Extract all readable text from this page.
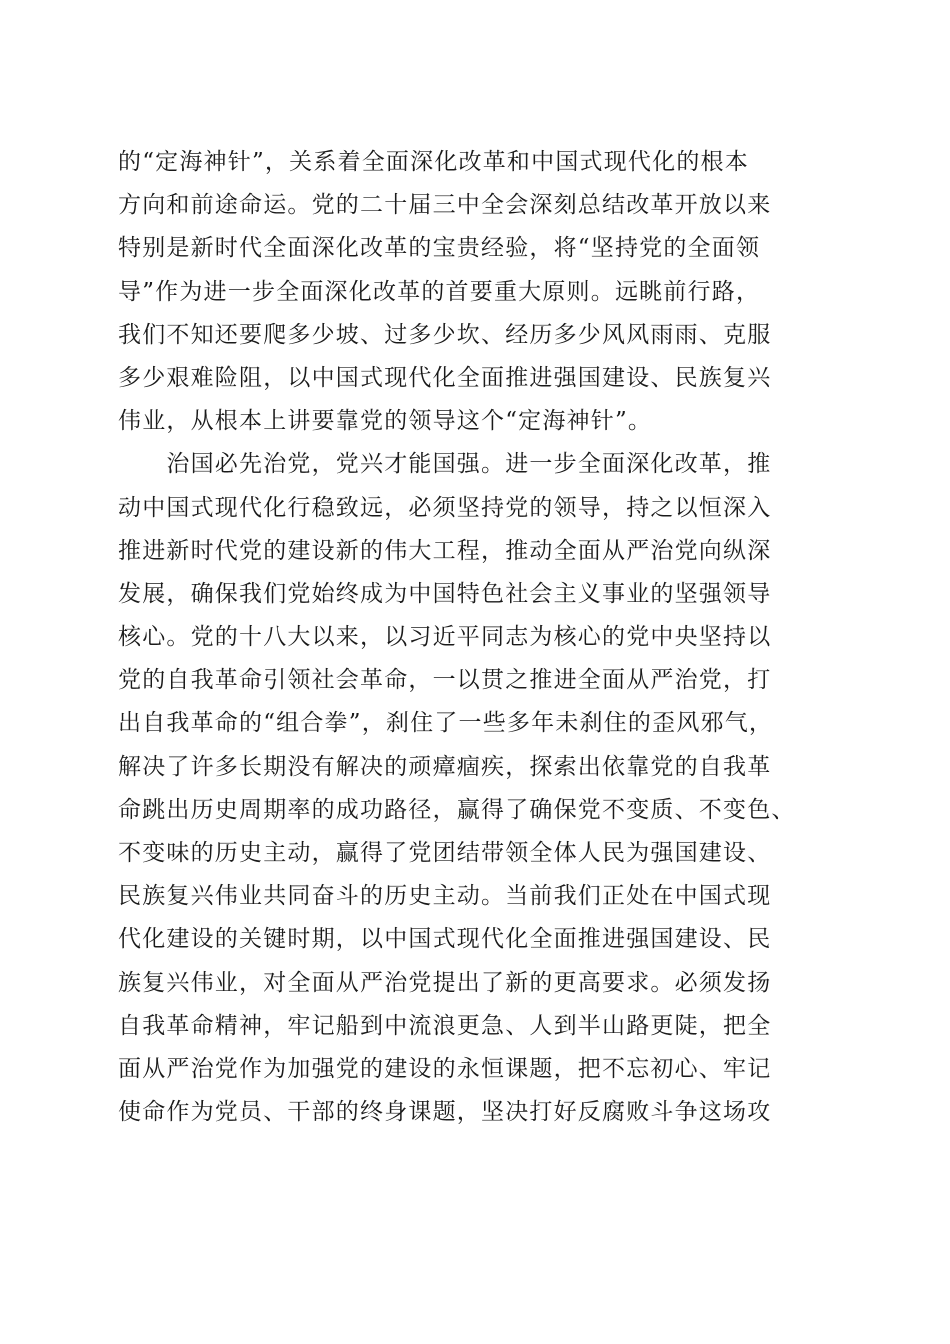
的“定海神针”，关系着全面深化改革和中国式现代化的根本
方向和前途命运。党的二十届三中全会深刻总结改革开放以来
特别是新时代全面深化改革的宝贵经验，将“坚持党的全面领
导”作为进一步全面深化改革的首要重大原则。远眺前行路，
我们不知还要爬多少坡、过多少坎、经历多少风风雨雨、克服
多少艰难险阻，以中国式现代化全面推进强国建设、民族复兴
伟业，从根本上讲要靠党的领导这个“定海神针”。
　　治国必先治党，党兴才能国强。进一步全面深化改革，推
动中国式现代化行稳致远，必须坚持党的领导，持之以恒深入
推进新时代党的建设新的伟大工程，推动全面从严治党向纵深
发展，确保我们党始终成为中国特色社会主义事业的坚强领导
核心。党的十八大以来，以习近平同志为核心的党中央坚持以
党的自我革命引领社会革命，一以贯之推进全面从严治党，打
出自我革命的“组合拳”，刹住了一些多年未刹住的歪风邪气，
解决了许多长期没有解决的顽瘴痼疾，探索出依靠党的自我革
命跳出历史周期率的成功路径，赢得了确保党不变质、不变色、
不变味的历史主动，赢得了党团结带领全体人民为强国建设、
民族复兴伟业共同奋斗的历史主动。当前我们正处在中国式现
代化建设的关键时期，以中国式现代化全面推进强国建设、民
族复兴伟业，对全面从严治党提出了新的更高要求。必须发扬
自我革命精神，牢记船到中流浪更急、人到半山路更陡，把全
面从严治党作为加强党的建设的永恒课题，把不忘初心、牢记
使命作为党员、干部的终身课题，坚决打好反腐败斗争这场攻
